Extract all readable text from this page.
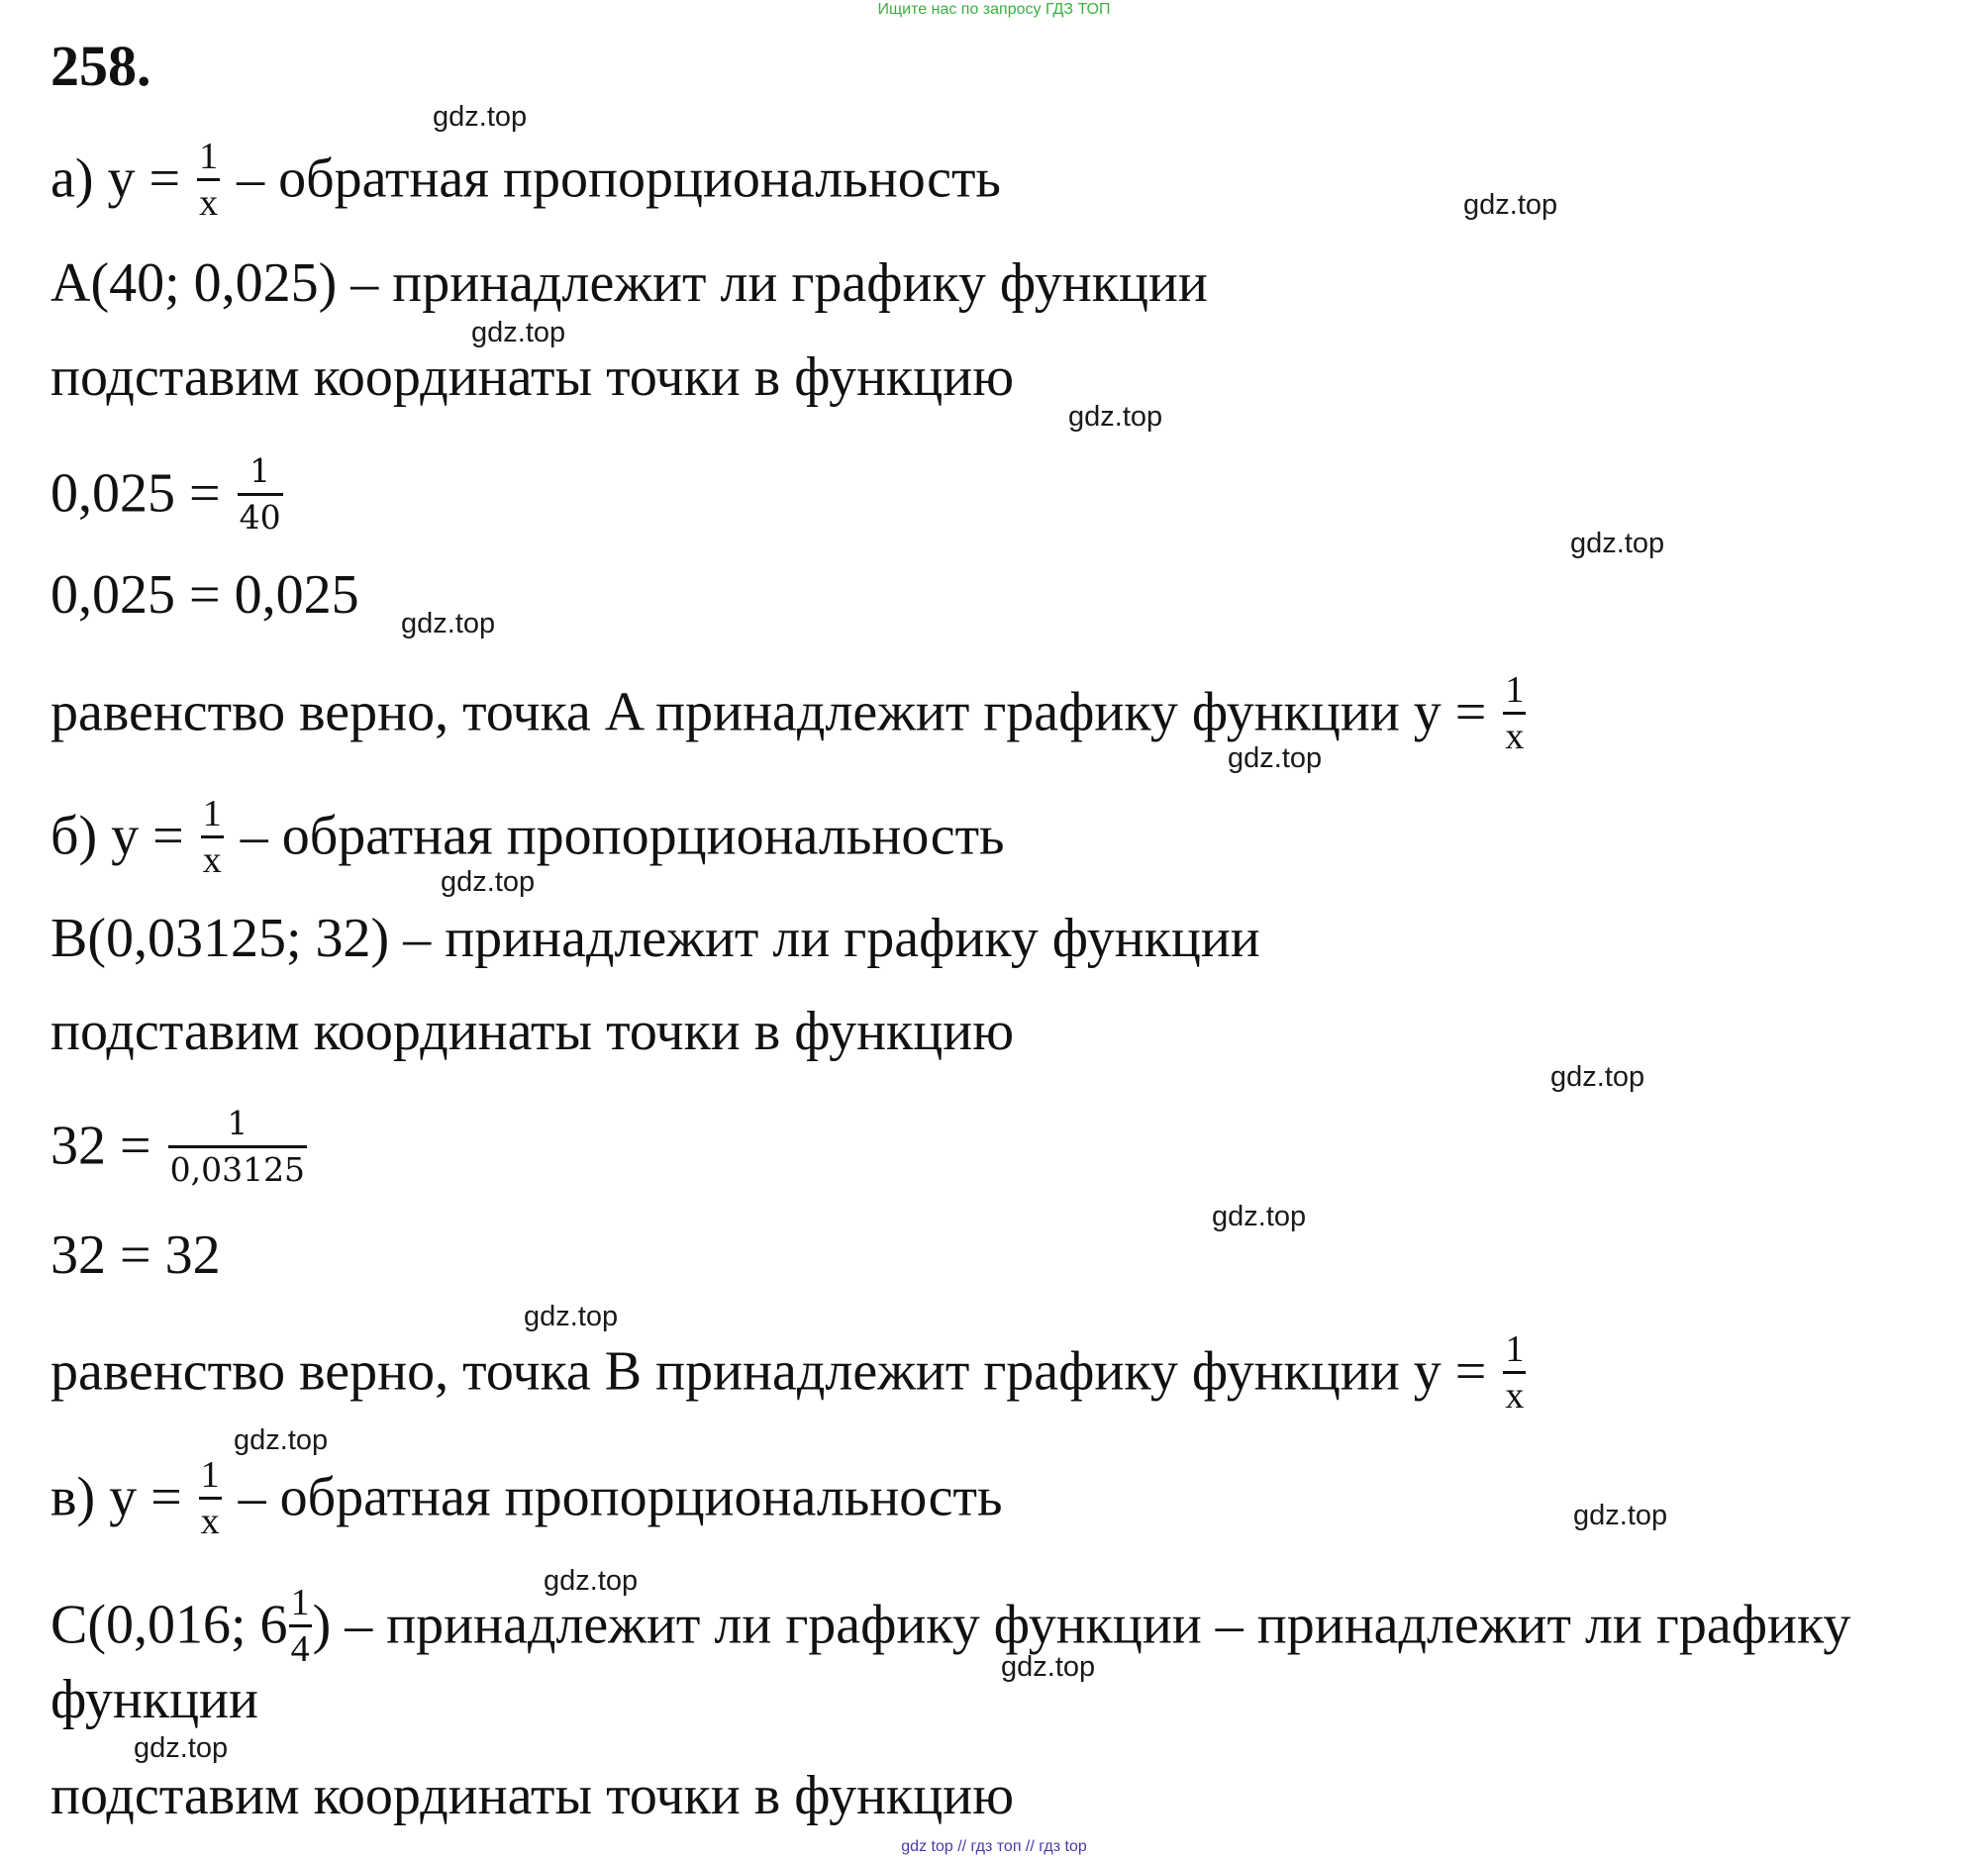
Ищите нас по запросу ГДЗ ТОП
258.
а) $y = \frac{1}{x}$ – обратная пропорциональность
A(40; 0,025) – принадлежит ли графику функции
подставим координаты точки в функцию
$0,025 = \frac{1}{40}$
0,025 = 0,025
равенство верно, точка A принадлежит графику функции $y = \frac{1}{x}$
б) $y = \frac{1}{x}$ – обратная пропорциональность
B(0,03125; 32) – принадлежит ли графику функции
подставим координаты точки в функцию
$32 = \frac{1}{0,03125}$
32 = 32
равенство верно, точка B принадлежит графику функции $y = \frac{1}{x}$
в) $y = \frac{1}{x}$ – обратная пропорциональность
C(0,016; $6 \frac{1}{4}$ ) – принадлежит ли графику функции – принадлежит ли графику
функции
подставим координаты точки в функцию
gdz.top
gdz.top
gdz.top
gdz.top
gdz.top
gdz.top
gdz.top
gdz.top
gdz.top
gdz.top
gdz.top
gdz.top
gdz.top
gdz.top
gdz.top
gdz.top
gdz top // гдз топ // гдз top
